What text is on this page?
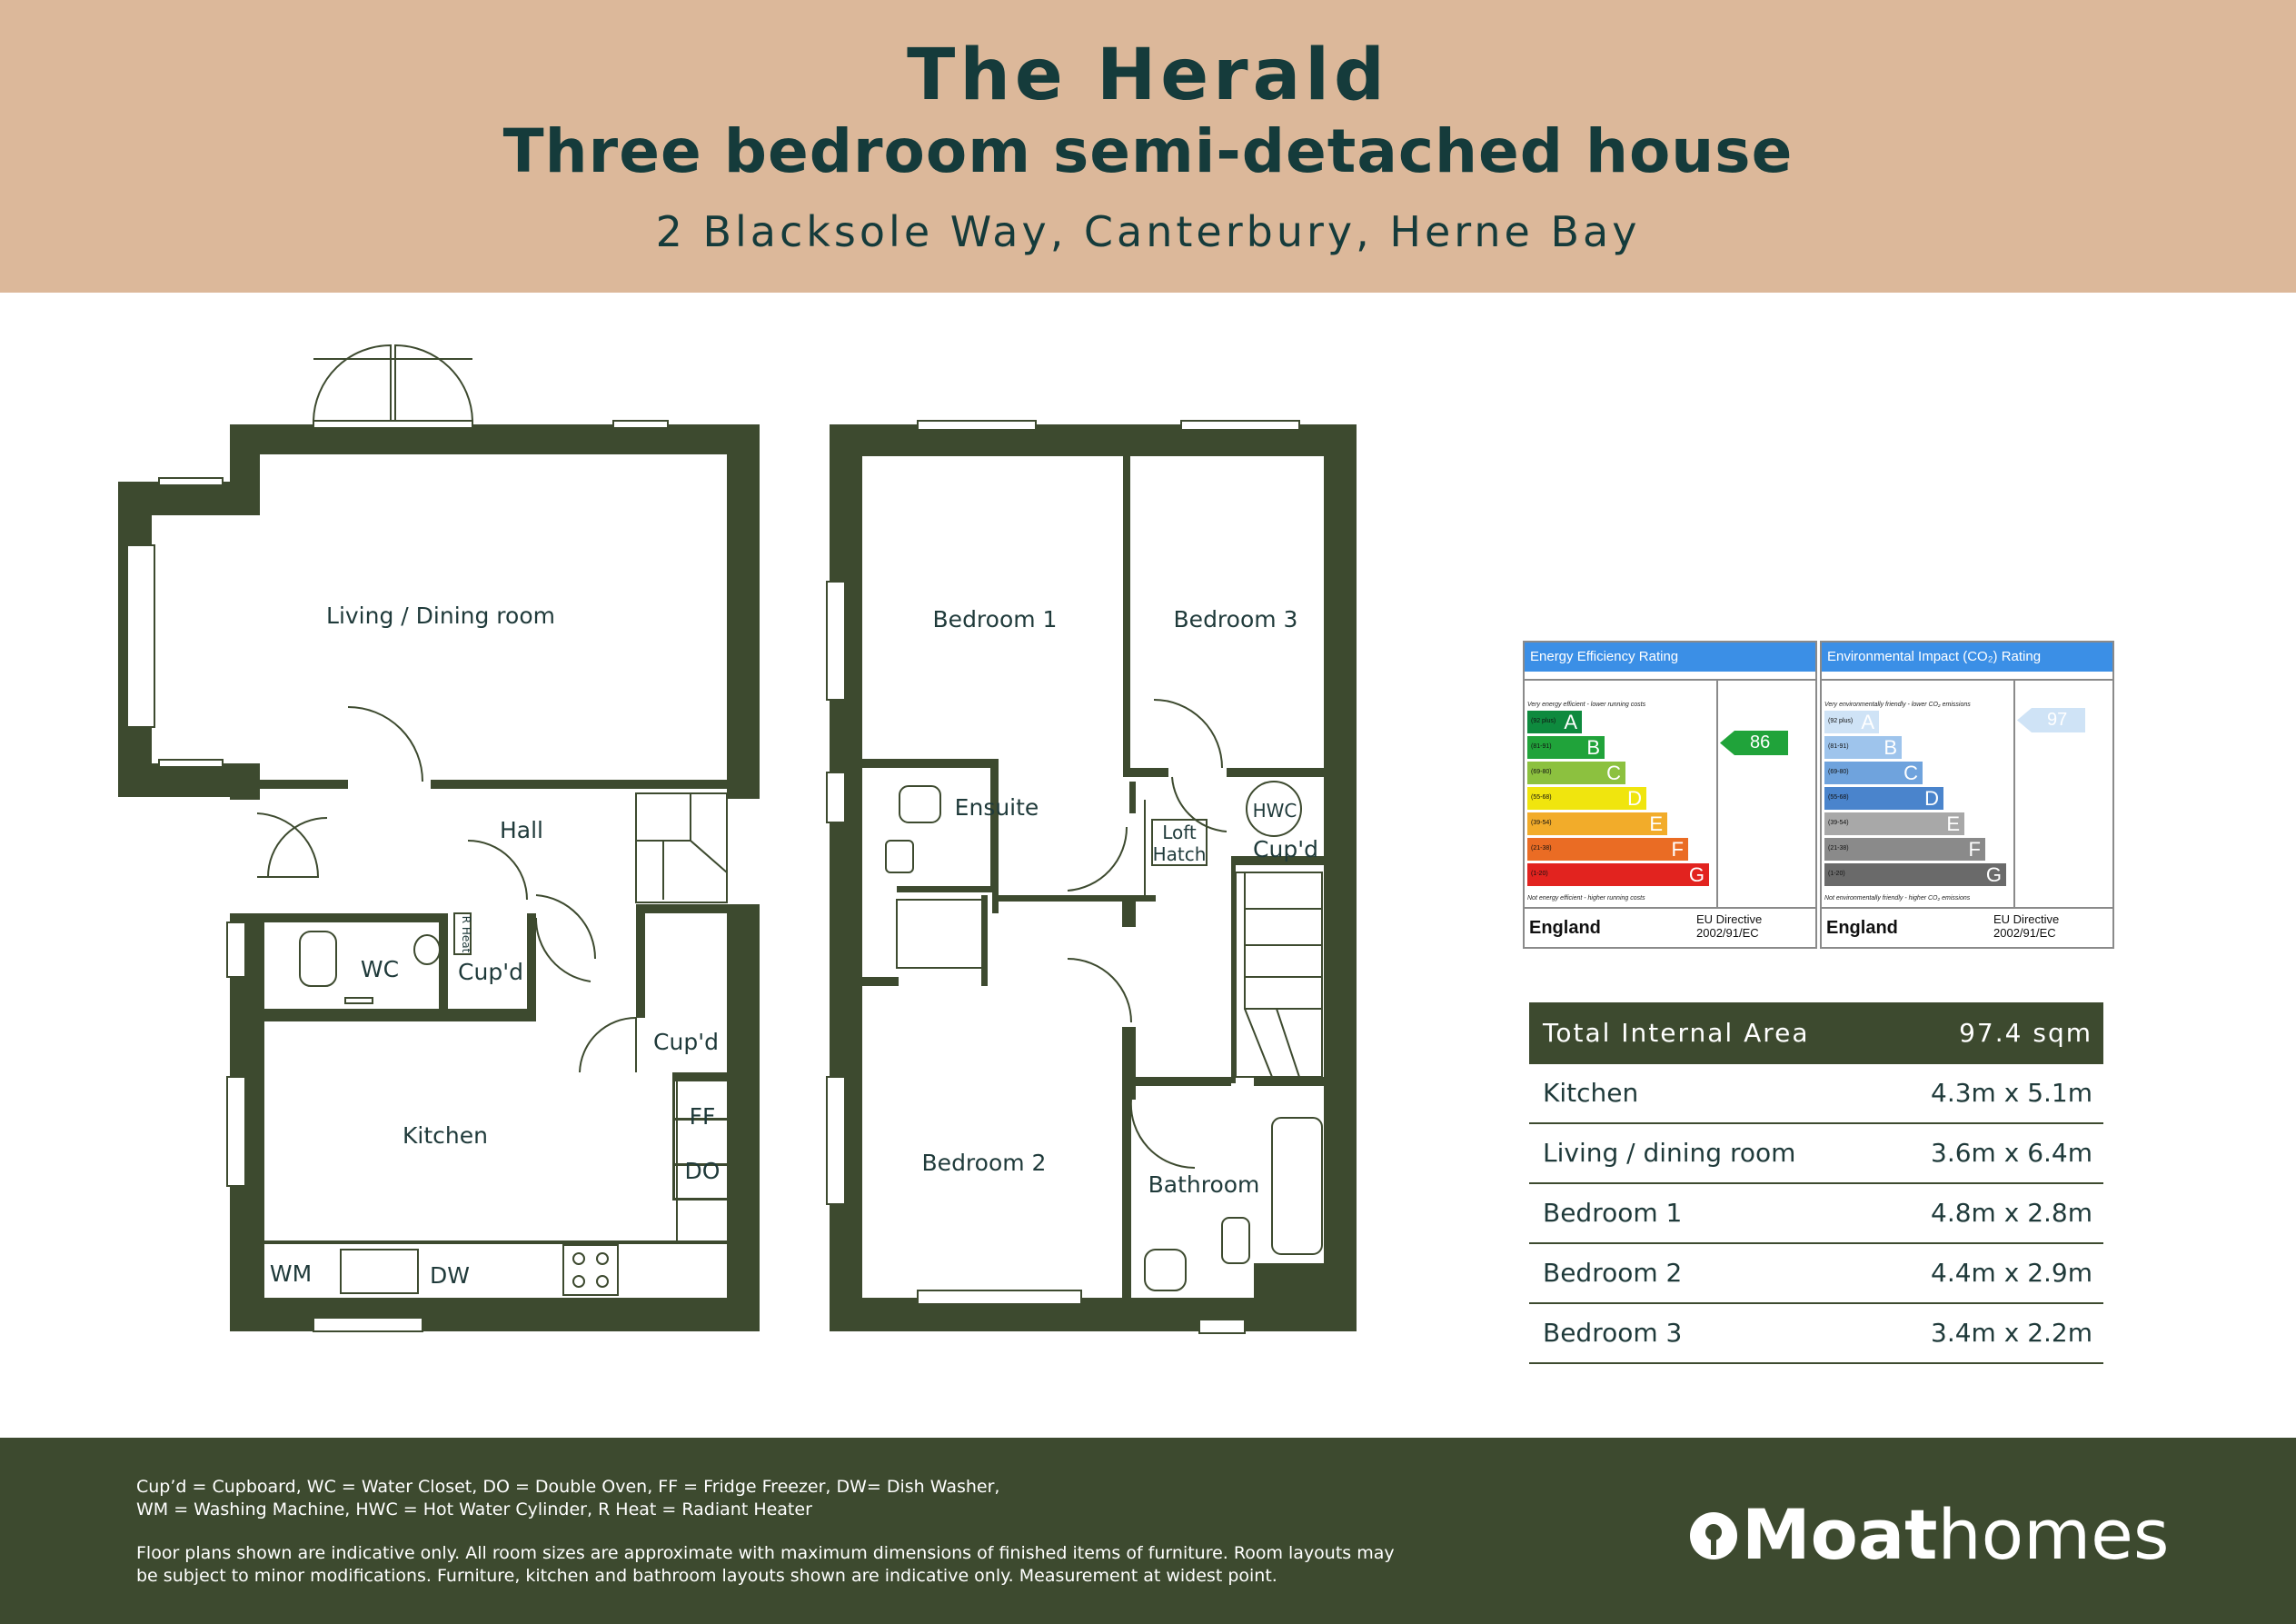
The Herald
Three bedroom semi-detached house
2 Blacksole Way, Canterbury, Herne Bay
Living / Dining room
Hall
WC	Cup'd
Cup'd
Kitchen
FF
DO
WM	DW
R Heat
Bedroom 1	Bedroom 3
Ensuite	HWC
Cup'd
Loft
Hatch
Bedroom 2
Bathroom
Energy Efficiency Rating
Very energy efficient - lower running costs
(92 plus) A
(81-91) B
(69-80)	C
(55-68)	D
(39-54)	E
(21-38)	F
(1-20)	G
Not energy efficient - higher running costs
86
England	EU Directive
2002/91/EC
Environmental Impact (CO₂) Rating
Very environmentally friendly - lower CO₂ emissions
(92 plus) A
(81-91) B
(69-80)	C
(55-68)	D
(39-54)	E
(21-38)	F
(1-20)	G
Not environmentally friendly - higher CO₂ emissions
97
England	EU Directive
2002/91/EC
Total Internal Area	97.4 sqm
Kitchen	4.3m x 5.1m
Living / dining room	3.6m x 6.4m
Bedroom 1	4.8m x 2.8m
Bedroom 2	4.4m x 2.9m
Bedroom 3	3.4m x 2.2m
Cup’d = Cupboard, WC = Water Closet, DO = Double Oven, FF = Fridge Freezer, DW= Dish Washer,
WM = Washing Machine, HWC = Hot Water Cylinder, R Heat = Radiant Heater
Floor plans shown are indicative only. All room sizes are approximate with maximum dimensions of finished items of furniture. Room layouts may
be subject to minor modifications. Furniture, kitchen and bathroom layouts shown are indicative only. Measurement at widest point.
Moathomes
